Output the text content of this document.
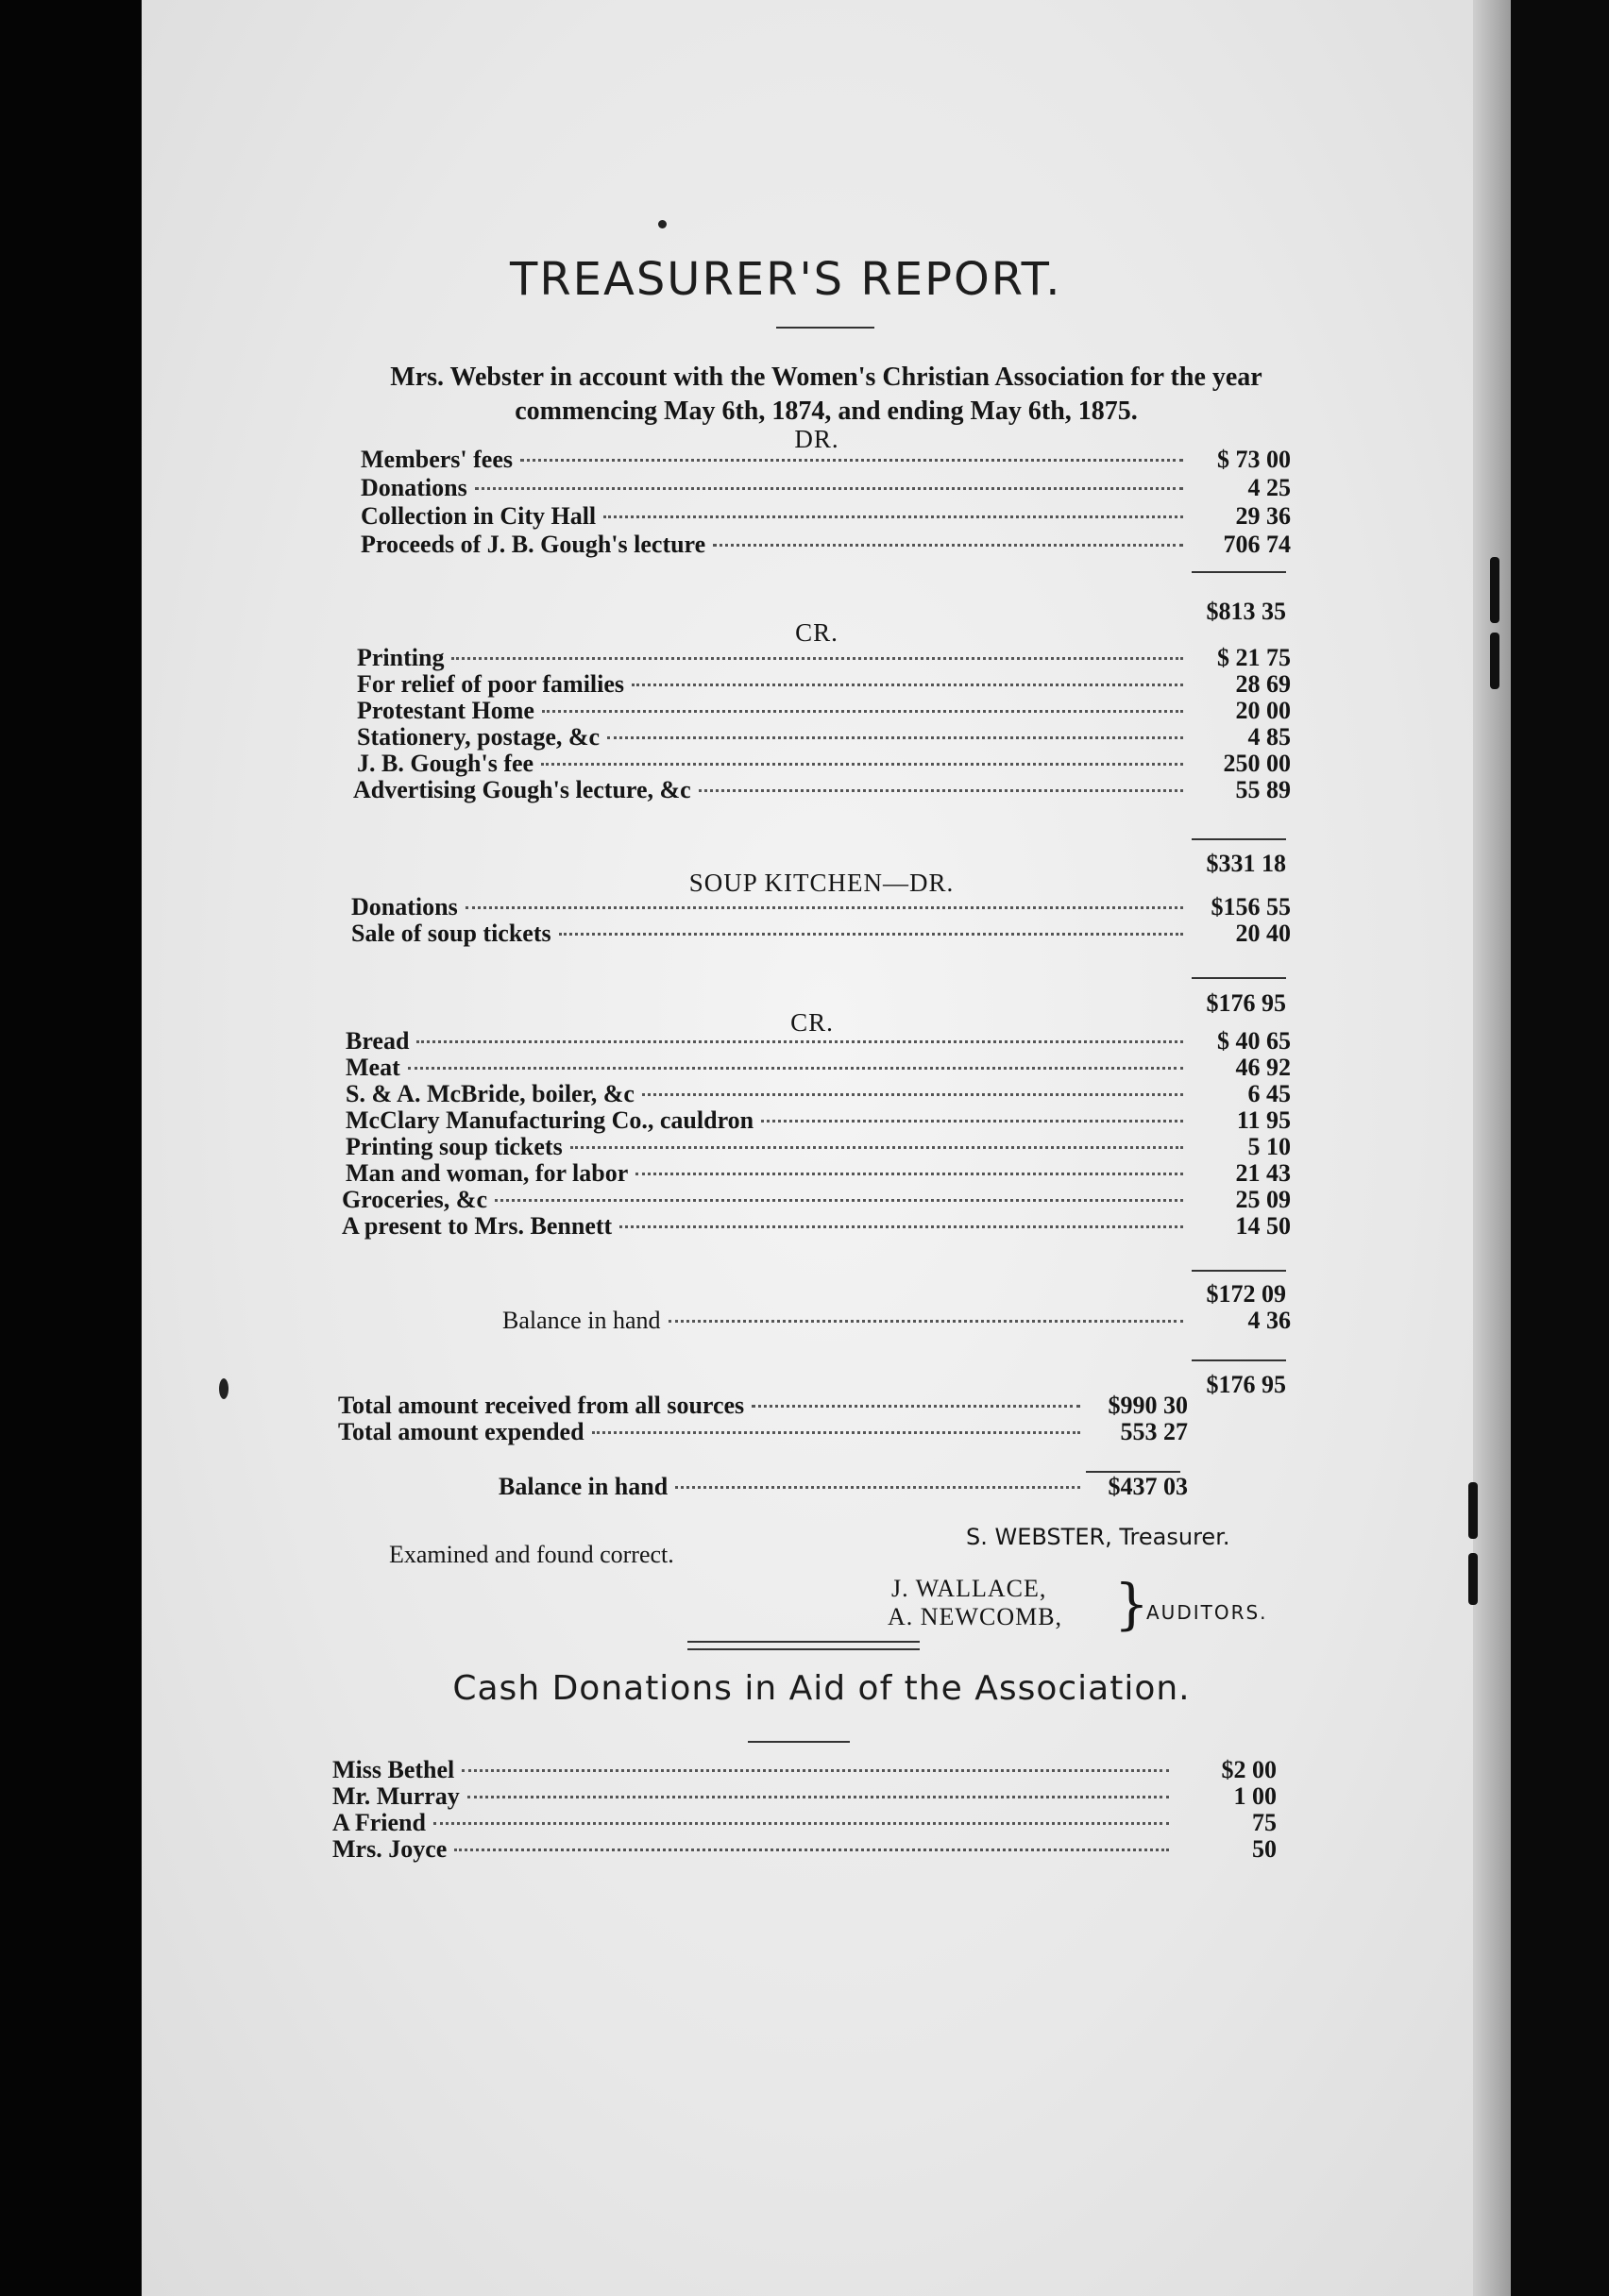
TREASURER'S REPORT.
Mrs. Webster in account with the Women's Christian Association for the year commencing May 6th, 1874, and ending May 6th, 1875.
DR.
Members' fees	$ 73 00
Donations	4 25
Collection in City Hall	29 36
Proceeds of J. B. Gough's lecture	706 74
$813 35
CR.
Printing	$ 21 75
For relief of poor families	28 69
Protestant Home	20 00
Stationery, postage, &c	4 85
J. B. Gough's fee	250 00
Advertising Gough's lecture, &c	55 89
$331 18
SOUP KITCHEN—DR.
Donations	$156 55
Sale of soup tickets	20 40
$176 95
CR.
Bread	$ 40 65
Meat	46 92
S. & A. McBride, boiler, &c	6 45
McClary Manufacturing Co., cauldron	11 95
Printing soup tickets	5 10
Man and woman, for labor	21 43
Groceries, &c	25 09
A present to Mrs. Bennett	14 50
$172 09
Balance in hand	4 36
$176 95
Total amount received from all sources	$990 30
Total amount expended	553 27
Balance in hand	$437 03
S. WEBSTER, Treasurer.
Examined and found correct.
J. WALLACE,
A. NEWCOMB, }
AUDITORS.
Cash Donations in Aid of the Association.
Miss Bethel	$2 00
Mr. Murray	1 00
A Friend	75
Mrs. Joyce	50
